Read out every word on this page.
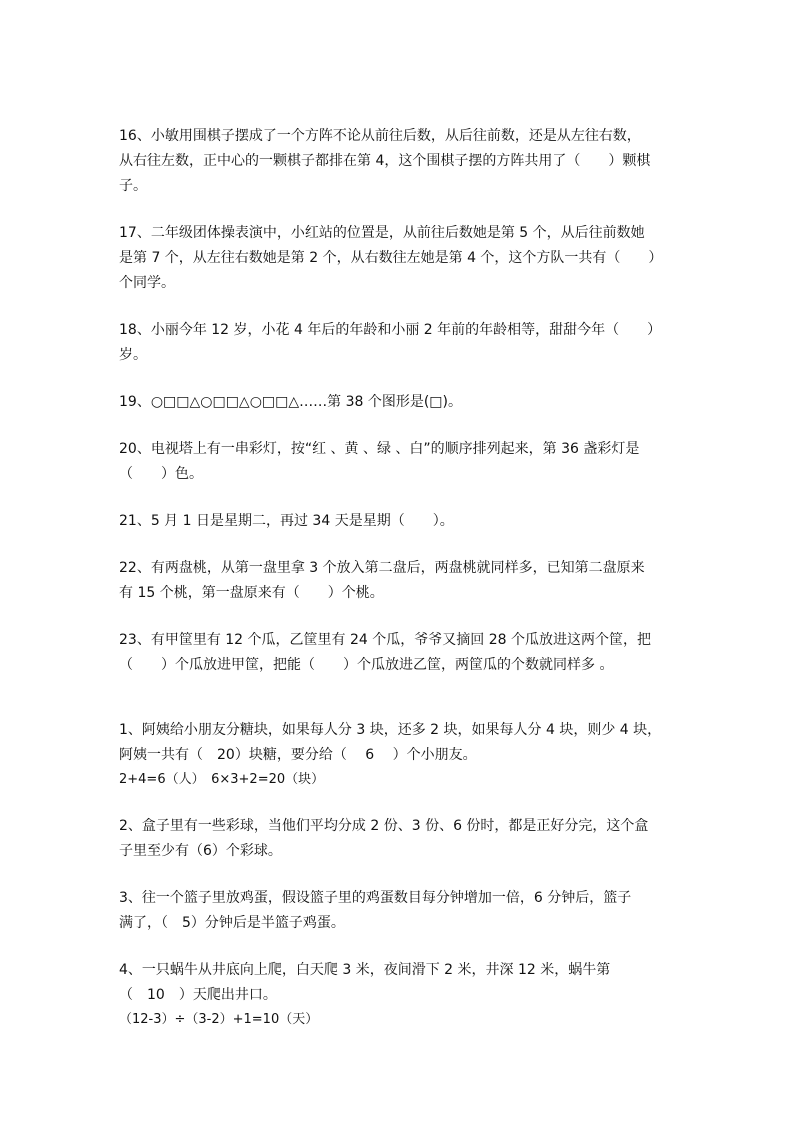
16、小敏用围棋子摆成了一个方阵不论从前往后数，从后往前数，还是从左往右数，
从右往左数，正中心的一颗棋子都排在第 4，这个围棋子摆的方阵共用了（　　）颗棋
子。
17、二年级团体操表演中，小红站的位置是，从前往后数她是第 5 个，从后往前数她
是第 7 个，从左往右数她是第 2 个，从右数往左她是第 4 个，这个方队一共有（　　）
个同学。
18、小丽今年 12 岁，小花 4 年后的年龄和小丽 2 年前的年龄相等，甜甜今年（　　）
岁。
19、○□□△○□□△○□□△……第 38 个图形是(□)。
20、电视塔上有一串彩灯，按“红 、黄 、绿 、白”的顺序排列起来，第 36 盏彩灯是
（　　）色。
21、5 月 1 日是星期二，再过 34 天是星期（　　）。
22、有两盘桃，从第一盘里拿 3 个放入第二盘后，两盘桃就同样多，已知第二盘原来
有 15 个桃，第一盘原来有（　　）个桃。
23、有甲筐里有 12 个瓜，乙筐里有 24 个瓜，爷爷又摘回 28 个瓜放进这两个筐，把
（　　）个瓜放进甲筐，把能（　　）个瓜放进乙筐，两筐瓜的个数就同样多 。
1、阿姨给小朋友分糖块，如果每人分 3 块，还多 2 块，如果每人分 4 块，则少 4 块，
阿姨一共有（　20）块糖，要分给（　 6　 ）个小朋友。
2+4=6（人）　6×3+2=20（块）
2、盒子里有一些彩球，当他们平均分成 2 份、3 份、6 份时，都是正好分完，这个盒
子里至少有（6）个彩球。
3、往一个篮子里放鸡蛋，假设篮子里的鸡蛋数目每分钟增加一倍，6 分钟后，篮子
满了，（　5）分钟后是半篮子鸡蛋。
4、一只蜗牛从井底向上爬，白天爬 3 米，夜间滑下 2 米，井深 12 米，蜗牛第
（　10　）天爬出井口。
（12-3）÷（3-2）+1=10（天）
